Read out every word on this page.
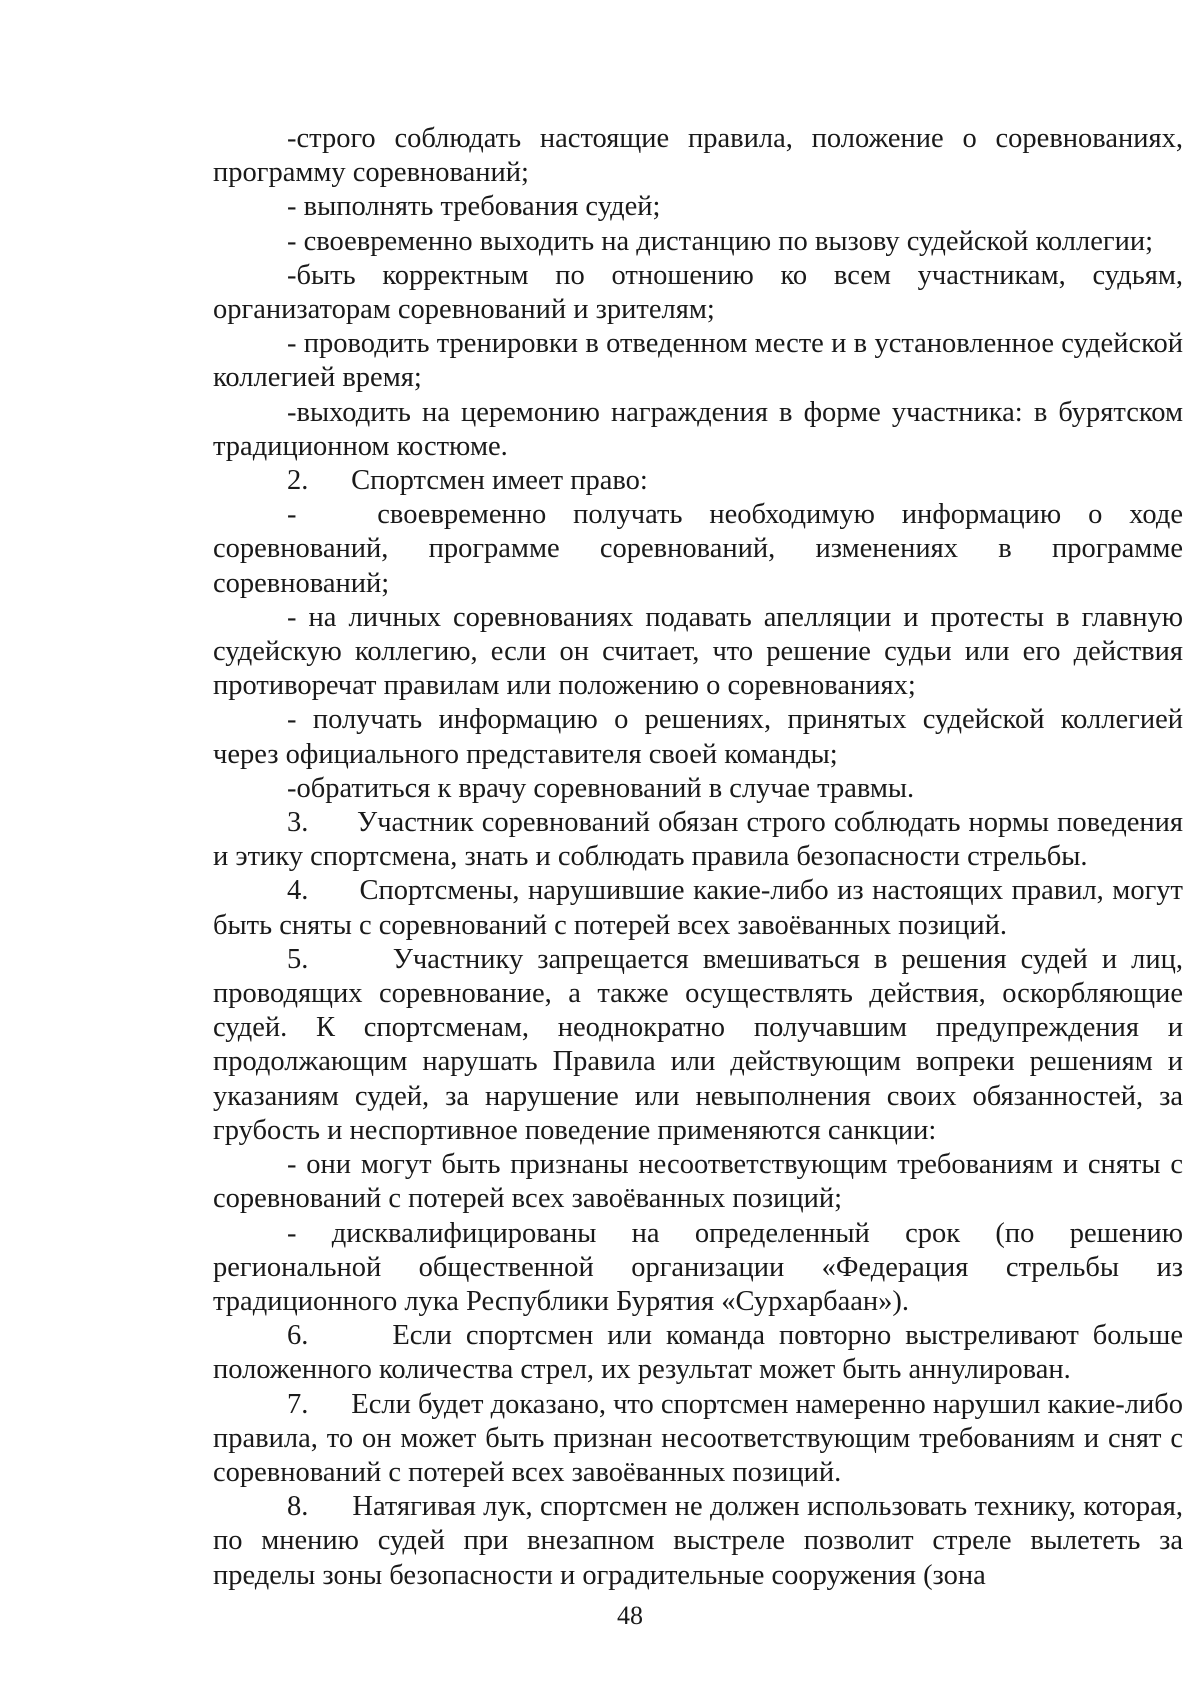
-строго соблюдать настоящие правила, положение о соревнованиях, программу соревнований;

- выполнять требования судей;

- своевременно выходить на дистанцию по вызову судейской коллегии;

-быть корректным по отношению ко всем участникам, судьям, организаторам соревнований и зрителям;

- проводить тренировки в отведенном месте и в установленное судейской коллегией время;

-выходить на церемонию награждения в форме участника: в бурятском традиционном костюме.

2.      Спортсмен имеет право:

-   своевременно получать необходимую информацию о ходе соревнований, программе соревнований, изменениях в программе соревнований;

- на личных соревнованиях подавать апелляции и протесты в главную судейскую коллегию, если он считает, что решение судьи или его действия противоречат правилам или положению о соревнованиях;

- получать информацию о решениях, принятых судейской коллегией через официального представителя своей команды;

-обратиться к врачу соревнований в случае травмы.

3.      Участник соревнований обязан строго соблюдать нормы поведения и этику спортсмена, знать и соблюдать правила безопасности стрельбы.

4.      Спортсмены, нарушившие какие-либо из настоящих правил, могут быть сняты с соревнований с потерей всех завоёванных позиций.

5.      Участнику запрещается вмешиваться в решения судей и лиц, проводящих соревнование, а также осуществлять действия, оскорбляющие судей. К спортсменам, неоднократно получавшим предупреждения и продолжающим нарушать Правила или действующим вопреки решениям и указаниям судей, за нарушение или невыполнения своих обязанностей, за грубость и неспортивное поведение применяются санкции:

- они могут быть признаны несоответствующим требованиям и сняты с соревнований с потерей всех завоёванных позиций;

- дисквалифицированы на определенный срок (по решению региональной общественной организации «Федерация стрельбы из традиционного лука Республики Бурятия «Сурхарбаан»).

6.      Если спортсмен или команда повторно выстреливают больше положенного количества стрел, их результат может быть аннулирован.

7.      Если будет доказано, что спортсмен намеренно нарушил какие-либо правила, то он может быть признан несоответствующим требованиям и снят с соревнований с потерей всех завоёванных позиций.

8.      Натягивая лук, спортсмен не должен использовать технику, которая, по мнению судей при внезапном выстреле позволит стреле вылететь за пределы зоны безопасности и оградительные сооружения (зона

48
